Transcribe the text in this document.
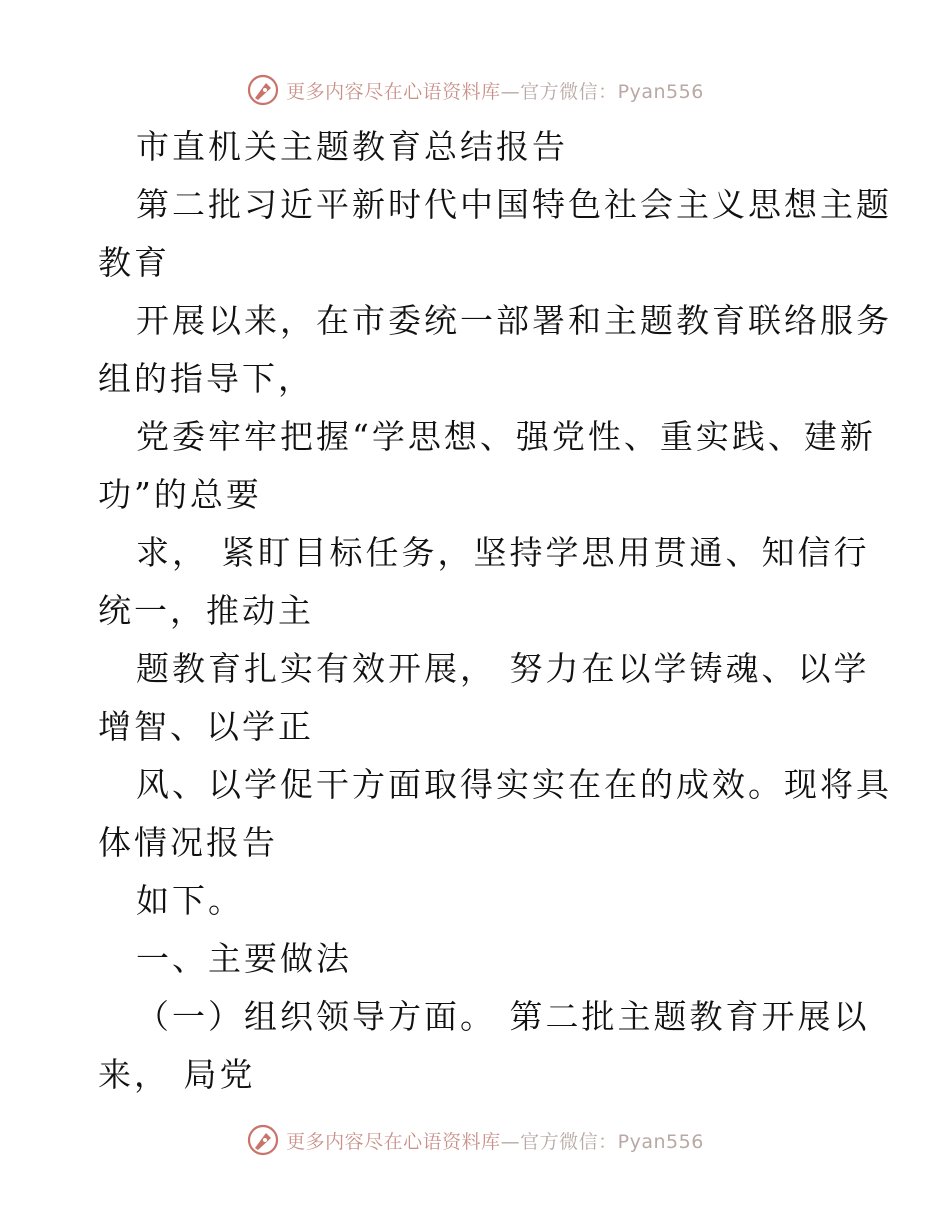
更多内容尽在心语资料库—官方微信：Pyan556
市直机关主题教育总结报告
第二批习近平新时代中国特色社会主义思想主题
教育
开展以来，在市委统一部署和主题教育联络服务
组的指导下，
党委牢牢把握“学思想、强党性、重实践、建新
功”的总要
求， 紧盯目标任务，坚持学思用贯通、知信行
统一，推动主
题教育扎实有效开展， 努力在以学铸魂、以学
增智、以学正
风、以学促干方面取得实实在在的成效。现将具
体情况报告
如下。
一、主要做法
（一）组织领导方面。 第二批主题教育开展以
来， 局党
更多内容尽在心语资料库—官方微信：Pyan556
